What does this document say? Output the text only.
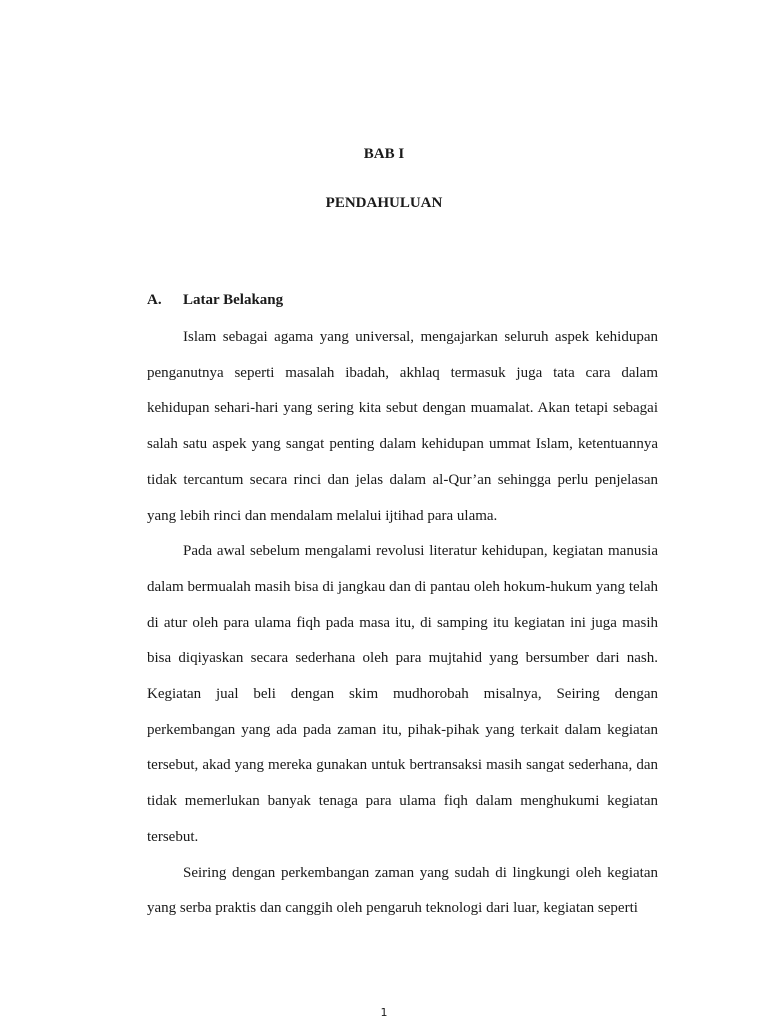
BAB I
PENDAHULUAN
A. Latar Belakang

Islam sebagai agama yang universal, mengajarkan seluruh aspek kehidupan penganutnya seperti masalah ibadah, akhlaq termasuk juga tata cara dalam kehidupan sehari-hari yang sering kita sebut dengan muamalat. Akan tetapi sebagai salah satu aspek yang sangat penting dalam kehidupan ummat Islam, ketentuannya tidak tercantum secara rinci dan jelas dalam al-Qur’an sehingga perlu penjelasan yang lebih rinci dan mendalam melalui ijtihad para ulama.

Pada awal sebelum mengalami revolusi literatur kehidupan, kegiatan manusia dalam bermualah masih bisa di jangkau dan di pantau oleh hokum-hukum yang telah di atur oleh para ulama fiqh pada masa itu, di samping itu kegiatan ini juga masih bisa diqiyaskan secara sederhana oleh para mujtahid yang bersumber dari nash. Kegiatan jual beli dengan skim mudhorobah misalnya, Seiring dengan perkembangan yang ada pada zaman itu, pihak-pihak yang terkait dalam kegiatan tersebut, akad yang mereka gunakan untuk bertransaksi masih sangat sederhana, dan tidak memerlukan banyak tenaga para ulama fiqh dalam menghukumi kegiatan tersebut.

Seiring dengan perkembangan zaman yang sudah di lingkungi oleh kegiatan yang serba praktis dan canggih oleh pengaruh teknologi dari luar, kegiatan seperti

1
